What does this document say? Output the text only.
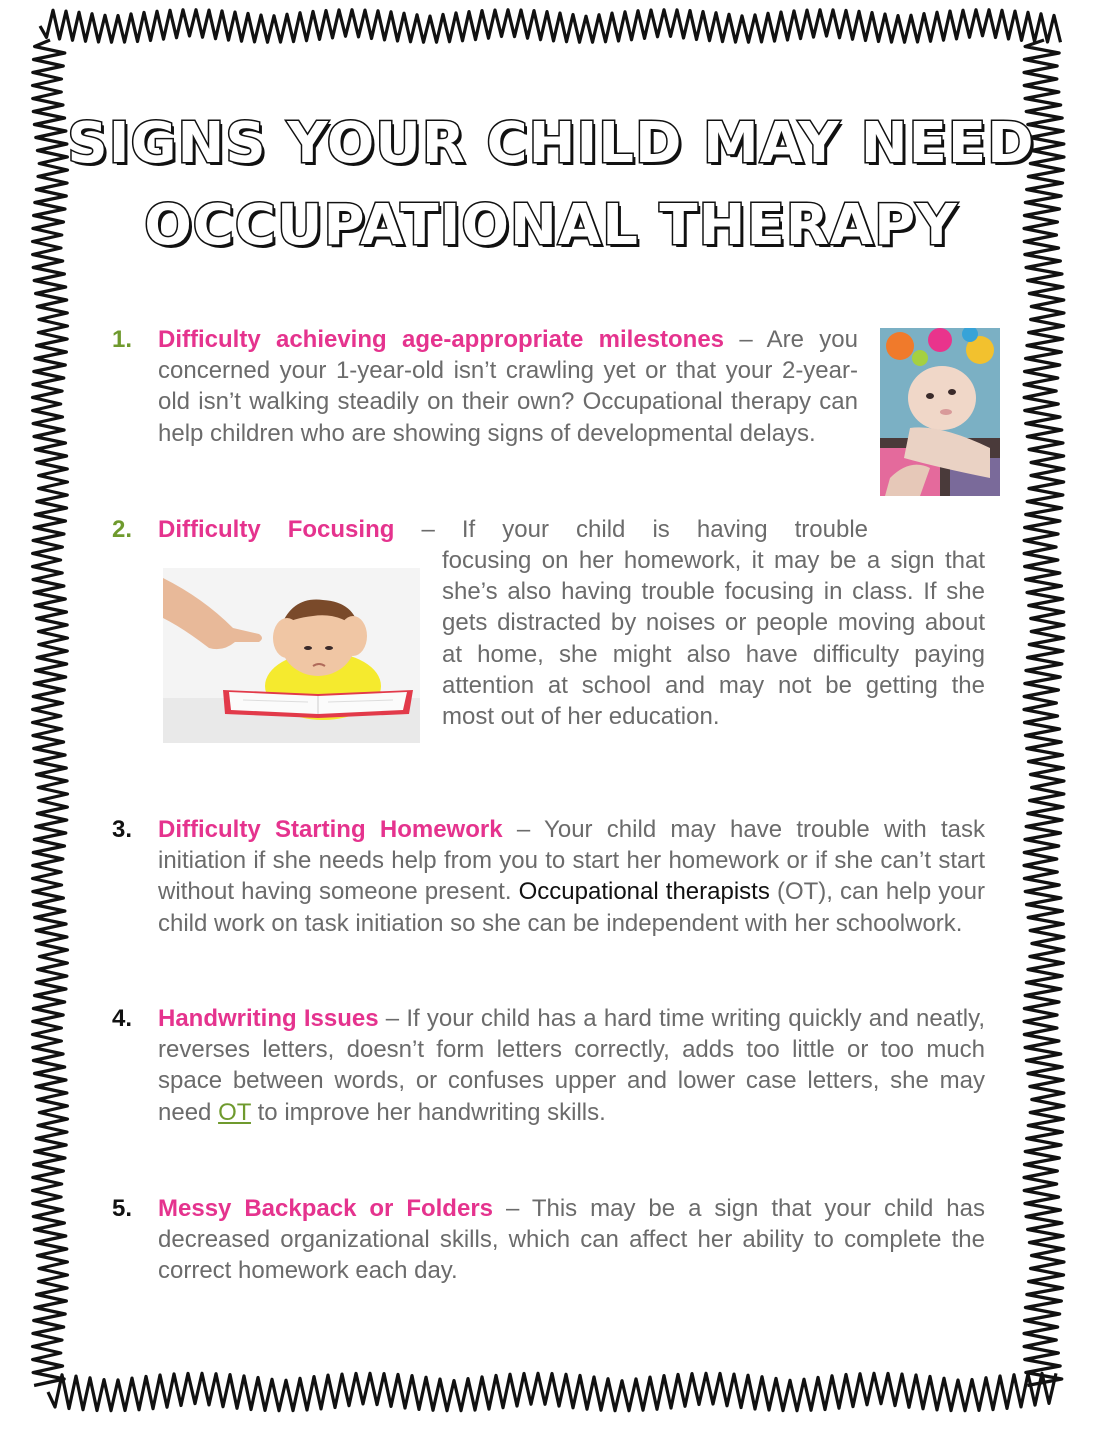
SIGNS YOUR CHILD MAY NEED
OCCUPATIONAL THERAPY
1. Difficulty achieving age-appropriate milestones – Are you concerned your 1-year-old isn’t crawling yet or that your 2-year-old isn’t walking steadily on their own? Occupational therapy can help children who are showing signs of developmental delays.
2. Difficulty Focusing – If your child is having trouble
focusing on her homework, it may be a sign that she’s also having trouble focusing in class. If she gets distracted by noises or people moving about at home, she might also have difficulty paying attention at school and may not be getting the most out of her education.
3. Difficulty Starting Homework – Your child may have trouble with task initiation if she needs help from you to start her homework or if she can’t start without having someone present. Occupational therapists (OT), can help your child work on task initiation so she can be independent with her schoolwork.
4. Handwriting Issues – If your child has a hard time writing quickly and neatly, reverses letters, doesn’t form letters correctly, adds too little or too much space between words, or confuses upper and lower case letters, she may need OT to improve her handwriting skills.
5. Messy Backpack or Folders – This may be a sign that your child has decreased organizational skills, which can affect her ability to complete the correct homework each day.
